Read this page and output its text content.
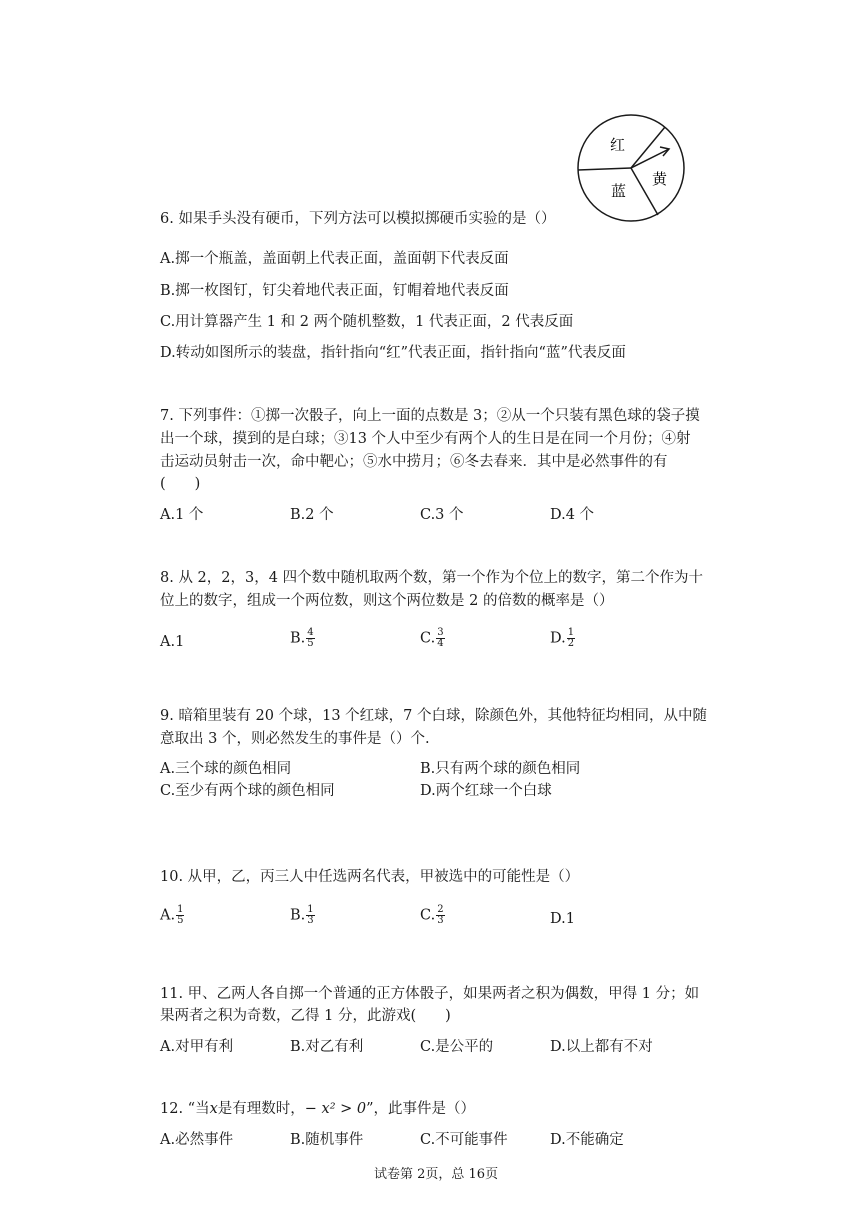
红
黄
蓝
6. 如果手头没有硬币，下列方法可以模拟掷硬币实验的是（）
A.掷一个瓶盖，盖面朝上代表正面，盖面朝下代表反面
B.掷一枚图钉，钉尖着地代表正面，钉帽着地代表反面
C.用计算器产生 1 和 2 两个随机整数，1 代表正面，2 代表反面
D.转动如图所示的装盘，指针指向“红”代表正面，指针指向“蓝”代表反面
7. 下列事件：①掷一次骰子，向上一面的点数是 3；②从一个只装有黑色球的袋子摸
出一个球，摸到的是白球；③13 个人中至少有两个人的生日是在同一个月份；④射
击运动员射击一次，命中靶心；⑤水中捞月；⑥冬去春来．其中是必然事件的有
(　　)
A.1 个	B.2 个	C.3 个	D.4 个
8. 从 2，2，3，4 四个数中随机取两个数，第一个作为个位上的数字，第二个作为十
位上的数字，组成一个两位数，则这个两位数是 2 的倍数的概率是（）
A.1	B. $\frac{4}{5}$	C. $\frac{3}{4}$	D. $\frac{1}{2}$
9. 暗箱里装有 20 个球，13 个红球，7 个白球，除颜色外，其他特征均相同，从中随
意取出 3 个，则必然发生的事件是（）个.
A.三个球的颜色相同	B.只有两个球的颜色相同
C.至少有两个球的颜色相同	D.两个红球一个白球
10. 从甲，乙，丙三人中任选两名代表，甲被选中的可能性是（）
A. $\frac{1}{5}$	B. $\frac{1}{3}$	C. $\frac{2}{3}$	D.1
11. 甲、乙两人各自掷一个普通的正方体骰子，如果两者之积为偶数，甲得 1 分；如
果两者之积为奇数，乙得 1 分，此游戏(　　)
A.对甲有利	B.对乙有利	C.是公平的	D.以上都有不对
12. “当x是有理数时，− x² > 0”，此事件是（）
A.必然事件	B.随机事件	C.不可能事件	D.不能确定
试卷第 2页，总 16页
